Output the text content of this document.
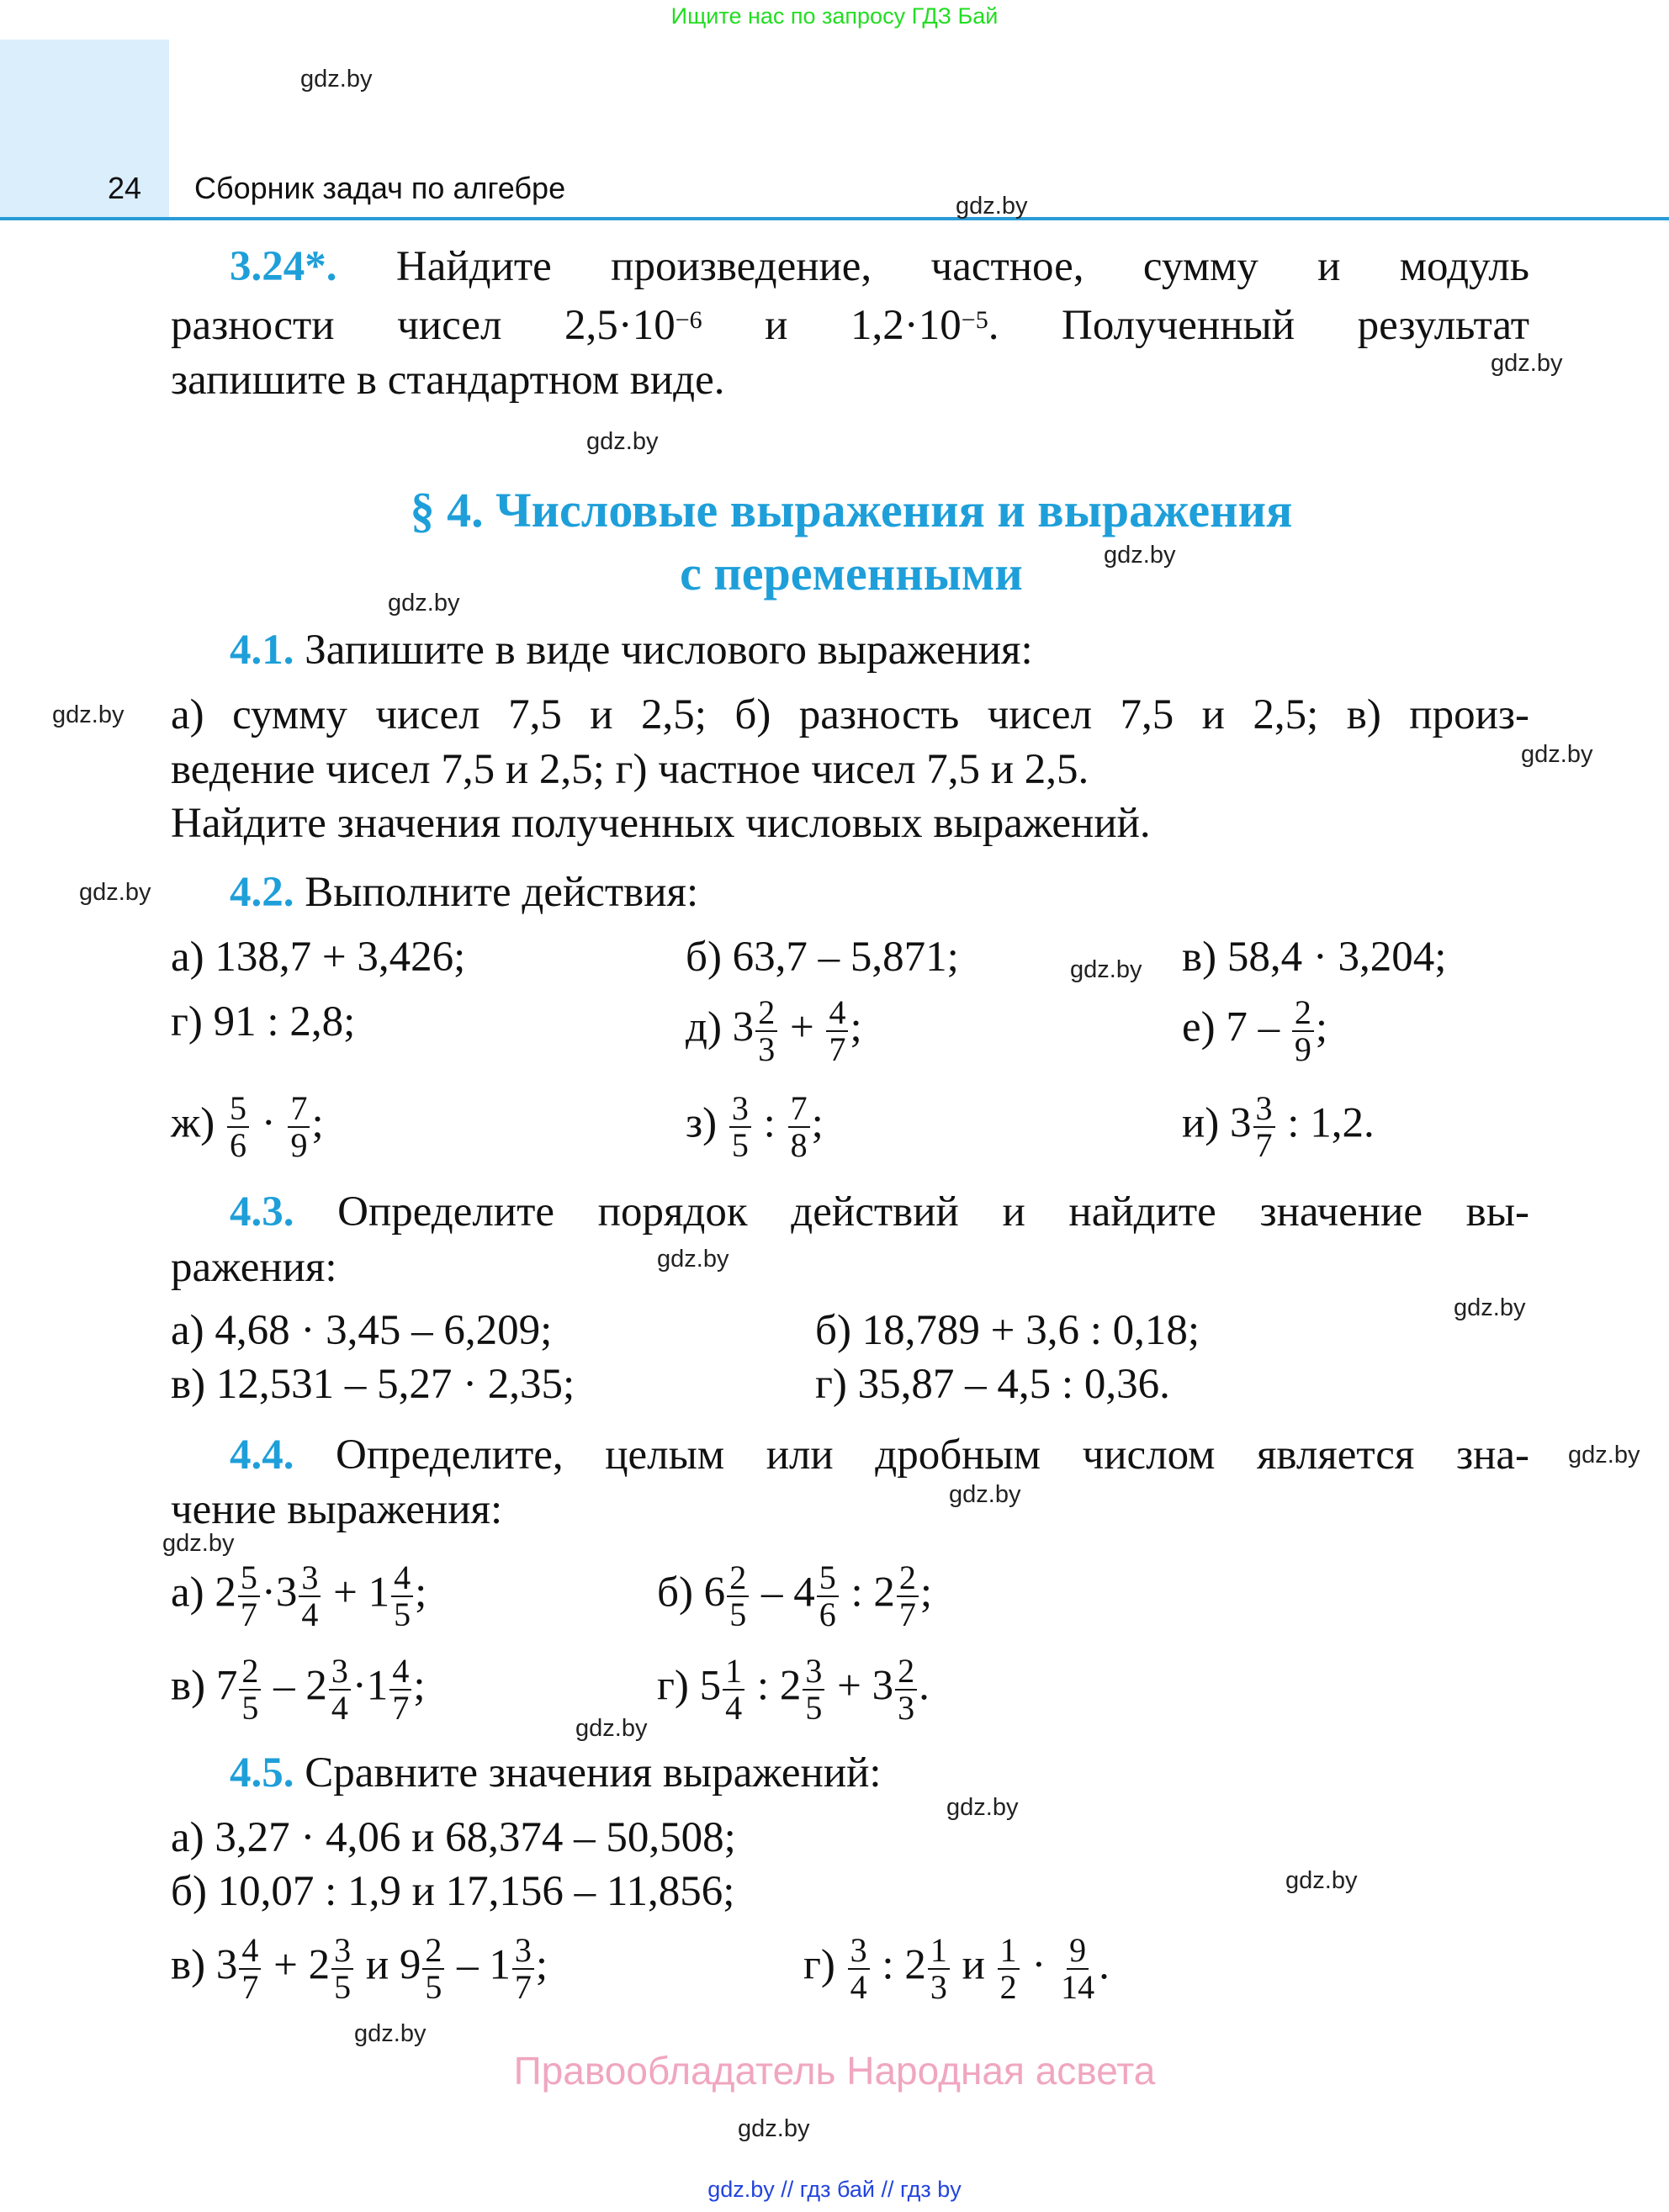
Ищите нас по запросу ГДЗ Бай
24 Сборник задач по алгебре
3.24*. Найдите произведение, частное, сумму и модуль
разности чисел $2,5\cdot 10^{-6}$ и $1,2\cdot 10^{-5}$. Полученный результат
запишите в стандартном виде.
§ 4. Числовые выражения и выражения
с переменными
4.1. Запишите в виде числового выражения:
а) сумму чисел 7,5 и 2,5; б) разность чисел 7,5 и 2,5; в) произ-
ведение чисел 7,5 и 2,5; г) частное чисел 7,5 и 2,5.
Найдите значения полученных числовых выражений.
4.2. Выполните действия:
а) 138,7 + 3,426;	б) 63,7 – 5,871;	в) 58,4 · 3,204;
г) 91 : 2,8;	д) $3 \frac{2}{3} + \frac{4}{7}$ ;	е) $7 - \frac{2}{9}$ ;
$ж) \frac{5}{6} \cdot \frac{7}{9}$ ;	$з) \frac{3}{5}$ : $\frac{7}{8}$ ;	и) $3 \frac{3}{7}$ : 1,2.
4.3. Определите порядок действий и найдите значение вы-
ражения:
а) 4,68 · 3,45 – 6,209;	б) 18,789 + 3,6 : 0,18;
в) 12,531 – 5,27 · 2,35;	г) 35,87 – 4,5 : 0,36.
4.4. Определите, целым или дробным числом является зна-
чение выражения:
а) $2 \frac{5}{7} \cdot 3 \frac{3}{4} + 1 \frac{4}{5}$ ;	б) $6 \frac{2}{5} - 4 \frac{5}{6}$ : $2 \frac{2}{7}$ ;
в) $7 \frac{2}{5} - 2 \frac{3}{4} \cdot 1 \frac{4}{7}$ ;	г) $5 \frac{1}{4}$ : $2 \frac{3}{5} + 3 \frac{2}{3}$ .
4.5. Сравните значения выражений:
а) 3,27 · 4,06 и 68,374 – 50,508;
б) 10,07 : 1,9 и 17,156 – 11,856;
в) $3 \frac{4}{7} + 2 \frac{3}{5}$ и $9 \frac{2}{5} - 1 \frac{3}{7}$ ;	$г) \frac{3}{4}$ : $2 \frac{1}{3}$ и $\frac{1}{2} \cdot \frac{9}{14}$ .
gdz.by
gdz.by
gdz.by
gdz.by
gdz.by
gdz.by
gdz.by
gdz.by
gdz.by
gdz.by
gdz.by
gdz.by
gdz.by
gdz.by
gdz.by
gdz.by
gdz.by
gdz.by
gdz.by
gdz.by
Правообладатель Народная асвета
gdz.by // гдз бай // гдз by
